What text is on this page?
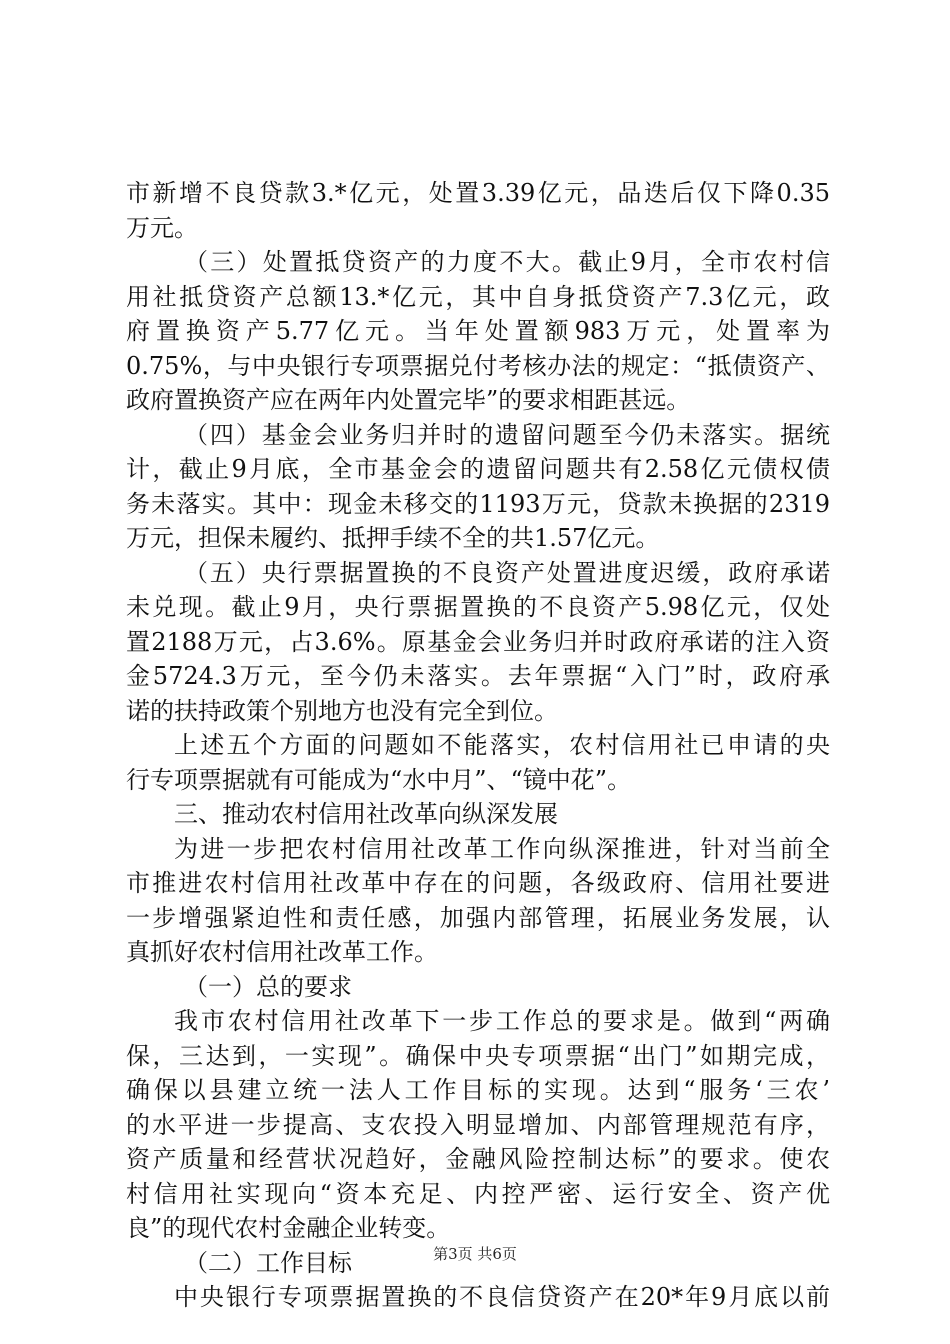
市新增不良贷款3.*亿元，处置3.39亿元，品迭后仅下降0.35
万元。
（三）处置抵贷资产的力度不大。截止9月，全市农村信
用社抵贷资产总额13.*亿元，其中自身抵贷资产7.3亿元，政
府置换资产5.77亿元。当年处置额983万元，处置率为
0.75%，与中央银行专项票据兑付考核办法的规定：“抵债资产、
政府置换资产应在两年内处置完毕”的要求相距甚远。
（四）基金会业务归并时的遗留问题至今仍未落实。据统
计，截止9月底，全市基金会的遗留问题共有2.58亿元债权债
务未落实。其中：现金未移交的1193万元，贷款未换据的2319
万元，担保未履约、抵押手续不全的共1.57亿元。
（五）央行票据置换的不良资产处置进度迟缓，政府承诺
未兑现。截止9月，央行票据置换的不良资产5.98亿元，仅处
置2188万元，占3.6%。原基金会业务归并时政府承诺的注入资
金5724.3万元，至今仍未落实。去年票据“入门”时，政府承
诺的扶持政策个别地方也没有完全到位。
上述五个方面的问题如不能落实，农村信用社已申请的央
行专项票据就有可能成为“水中月”、“镜中花”。
三、推动农村信用社改革向纵深发展
为进一步把农村信用社改革工作向纵深推进，针对当前全
市推进农村信用社改革中存在的问题，各级政府、信用社要进
一步增强紧迫性和责任感，加强内部管理，拓展业务发展，认
真抓好农村信用社改革工作。
（一）总的要求
我市农村信用社改革下一步工作总的要求是。做到“两确
保，三达到，一实现”。确保中央专项票据“出门”如期完成，
确保以县建立统一法人工作目标的实现。达到“服务‘三农’
的水平进一步提高、支农投入明显增加、内部管理规范有序，
资产质量和经营状况趋好，金融风险控制达标”的要求。使农
村信用社实现向“资本充足、内控严密、运行安全、资产优
良”的现代农村金融企业转变。
（二）工作目标
中央银行专项票据置换的不良信贷资产在20*年9月底以前
第3页 共6页
